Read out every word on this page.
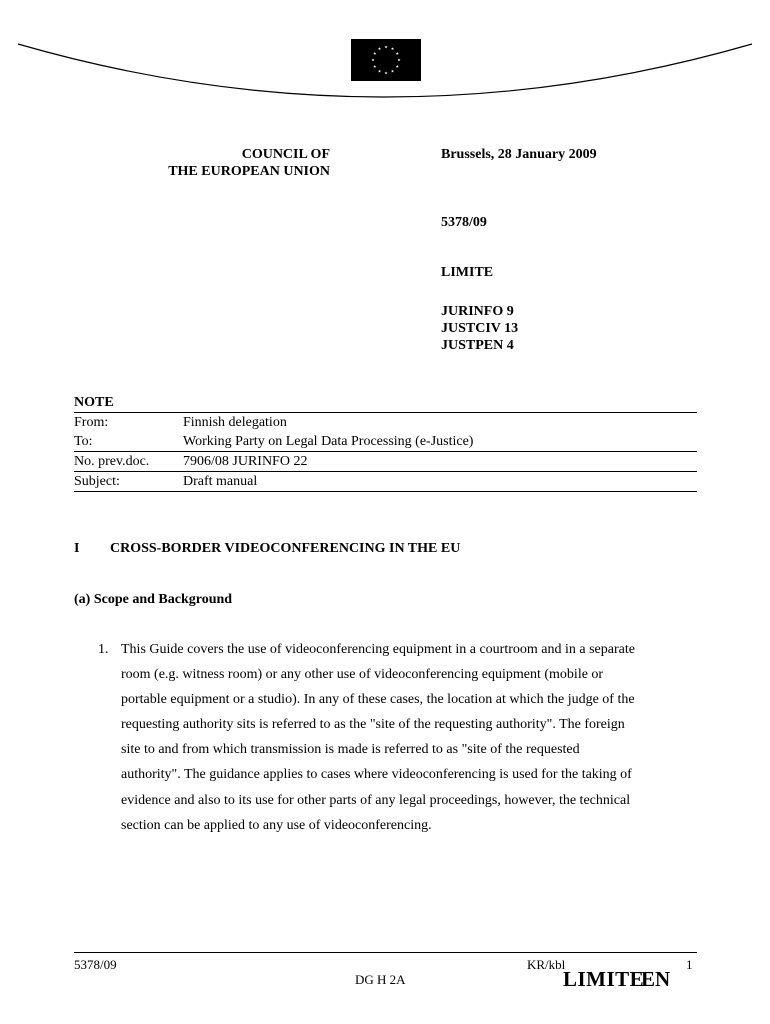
COUNCIL OF
THE EUROPEAN UNION
Brussels, 28 January 2009
5378/09
LIMITE
JURINFO 9
JUSTCIV 13
JUSTPEN 4
NOTE
From:	Finnish delegation
To:	Working Party on Legal Data Processing (e-Justice)
No. prev.doc. 7906/08 JURINFO 22
Subject:	Draft manual
I CROSS-BORDER VIDEOCONFERENCING IN THE EU
(a) Scope and Background
1. This Guide covers the use of videoconferencing equipment in a courtroom and in a separate
room (e.g. witness room) or any other use of videoconferencing equipment (mobile or
portable equipment or a studio). In any of these cases, the location at which the judge of the
requesting authority sits is referred to as the "site of the requesting authority". The foreign
site to and from which transmission is made is referred to as "site of the requested
authority". The guidance applies to cases where videoconferencing is used for the taking of
evidence and also to its use for other parts of any legal proceedings, however, the technical
section can be applied to any use of videoconferencing.
5378/09	KR/kbl	1
DG H 2A	LIMITE
EN
